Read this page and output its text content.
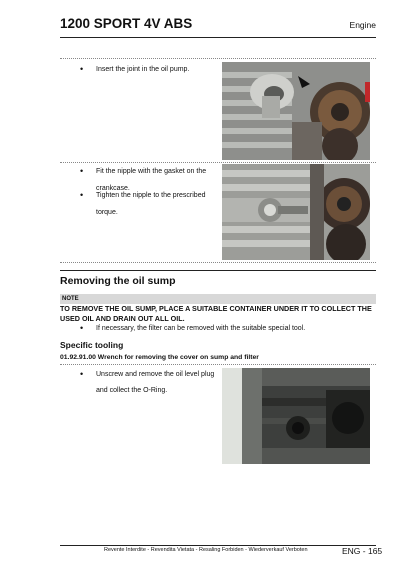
1200 SPORT 4V ABS	Engine
•	Insert the joint in the oil pump.
•	Fit the nipple with the gasket on the
crankcase.
•	Tighten the nipple to the prescribed
torque.
Removing the oil sump
NOTE
TO REMOVE THE OIL SUMP, PLACE A SUITABLE CONTAINER UNDER IT TO COLLECT THE
USED OIL AND DRAIN OUT ALL OIL.
•	If necessary, the filter can be removed with the suitable special tool.
Specific tooling
01.92.91.00 Wrench for removing the cover on sump and filter
•	Unscrew and remove the oil level plug
and collect the O-Ring.
Revente Interdite - Revendita Vietata - Resaling Forbiden - Wiederverkauf Verboten	ENG - 165
